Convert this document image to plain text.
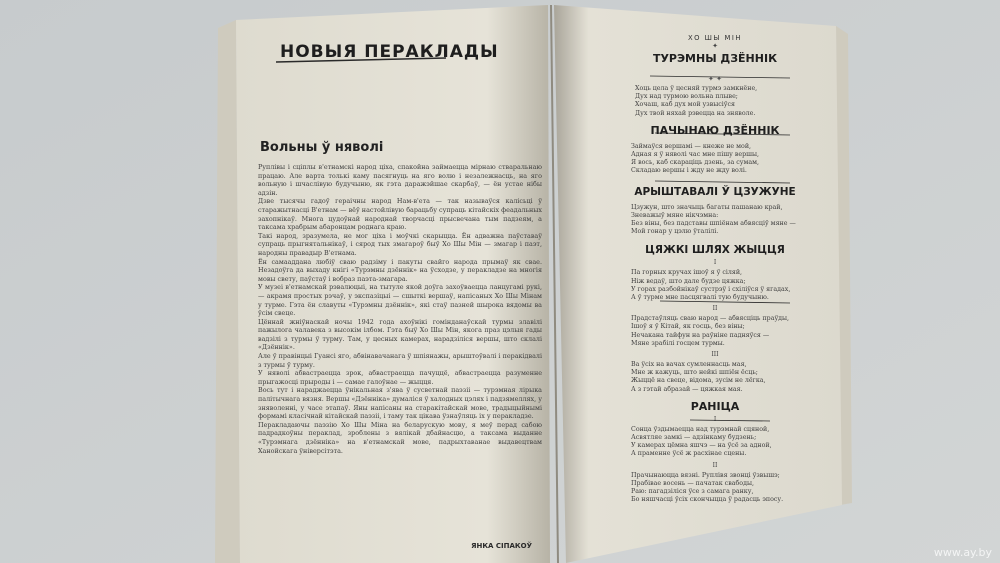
НОВЫЯ ПЕРАКЛАДЫ
Вольны ў няволі

Руплівы і сціплы в'етнамскі народ ціха, спакойна займаецца мірнаю стваральнаю працаю. Але варта толькі каму пасягнуць на яго волю і незалежнасць, на яго вольную і шчаслівую будучыню, як гэта даражэйшае скарбаў, — ён устае нібы адзін.

Дзве тысячы гадоў гераічны народ Нам-в'ета — так называўся калісьці ў старажытнасці В'етнам — вёў настойлівую барацьбу супраць кітайскіх феадальных захопнікаў. Многа цудоўнай народнай творчасці прысвечана тым падзеям, а таксама храбрым абаронцам роднага краю.

Такі народ, зразумела, не мог ціха і моўчкі скарыцца. Ён адважна паўставаў супраць прыгнятальнікаў, і сярод тых змагароў быў Хо Шы Мін — змагар і паэт, народны правадыр В'етнама.

Ён самааддана любіў сваю радзіму і пакуты свайго народа прымаў як свае. Незадоўга да выхаду кнігі «Турэмны дзённік» на ўсходзе, у перакладзе на многія мовы свету, паўстаў і вобраз паэта-змагара.

У музеі в'етнамскай рэвалюцыі, на тытуле якой доўга захоўваецца ланцугамі рукі, — акрамя простых рэчаў, у экспазіцыі — сшыткі вершаў, напісаных Хо Шы Мінам у турме. Гэта ён славуты «Турэмны дзённік», які стаў пазней шырока вядомы ва ўсім свеце.

Цённай жніўнаскай ночы 1942 года ахоўнікі гомінданаўскай турмы злавілі пажылога чалавека з высокім ілбом. Гэта быў Хо Шы Мін, якога праз цэлыя гады вадзілі з турмы ў турму. Там, у цесных камерах, нарадзіліся вершы, што склалі «Дзённік».

Але ў правінцыі Гуансі яго, абвінавачанага ў шпіянажы, арыштоўвалі і перакідвалі з турмы ў турму.

У няволі абвастраецца зрок, абвастраецца пачуццё, абвастраецца разуменне прыгажосці прыроды і — самае галоўнае — жыцця.

Вось тут і нараджаецца ўнікальная з'ява ў сусветнай паэзіі — турэмная лірыка палітычнага вязня. Вершы «Дзённіка» думаліся ў халодных цэлях і падзямеллях, у зняволенні, у часе этапаў. Яны напісаны на старакітайскай мове, традыцыйнымі формамі класічнай кітайскай паэзіі, і таму так цікава ўзнаўляць іх у перакладзе.

Перакладаючы паэзію Хо Шы Міна на беларускую мову, я меў перад сабою падрадкоўны пераклад, зроблены з вялікай дбайнасцю, а таксама выданне «Турэмнага дзённіка» на в'етнамскай мове, падрыхтаванае выдавецтвам Ханойскага ўніверсітэта.

ЯНКА СІПАКОЎ

ХО ШЫ МІН

✦

ТУРЭМНЫ ДЗЁННІК

✦ ✦

Хоць цела ў цесняй турмэ замкнёне,
Дух над турмою вольна плыве;
Хочаш, каб дух мой узвысіўся
Дух твой няхай рэвецца на зняволе.

ПАЧЫНАЮ ДЗЁННІК

Займаўся вершамі — кнеже не мой,
Адная я ў няволі час мне пішу вершы,
Я вось, каб скараціць дзень, за сумам,
Складаю вершы і жду не жду волі.

АРЫШТАВАЛІ Ў ЦЗУЖУНЕ

Цзужун, што значыць багаты пашанаю край,
Зневажыў мяне нікчэмна:
Без віны, без падставы шпіёнам абвясціў мяне —
Мой гонар у цэлю ўталілі.

ЦЯЖКІ ШЛЯХ ЖЫЦЦЯ

I

Па горных кручах ішоў я ў сіляй,
Ніж ведаў, што дале будзе цяжка;
У горах разбойнікаў сустрэў і схіліўся ў ягадах,
А ў турме мне пасцягвалі тую будучыню.

II

Прадстаўляць сваю народ — абвясціць праўды,
Ішоў я ў Кітай, як госць, без віны;
Нечакана тайфун на раўніне падняўся —
Мяне зрабілі госцем турмы.

III

Ва ўсіх на вачах сумленнасць мая,
Мне ж кажуць, што нейкі шпіён ёсць;
Жыццё на свеце, відома, зусім не лёгка,
А з гэтай абразай — цяжкая мая.

РАНІЦА

I

Сонца ўздымаецца над турэмнай сцяной,
Асвятляе замкі — адзінкаму будзень;
У камерах цёмна яшчэ — на ўсё за адной,
А праменне ўсё ж расхінае сцены.

II

Прачынаюцца вязні. Руплівя звонці ўзвышэ;
Прабівае восень — пачатак свабоды,
Раю: пагадзіліся ўсе з самага ранку,
Бо няшчасці ўсіх скончыцца ў радасць эпосу.

www.ay.by
